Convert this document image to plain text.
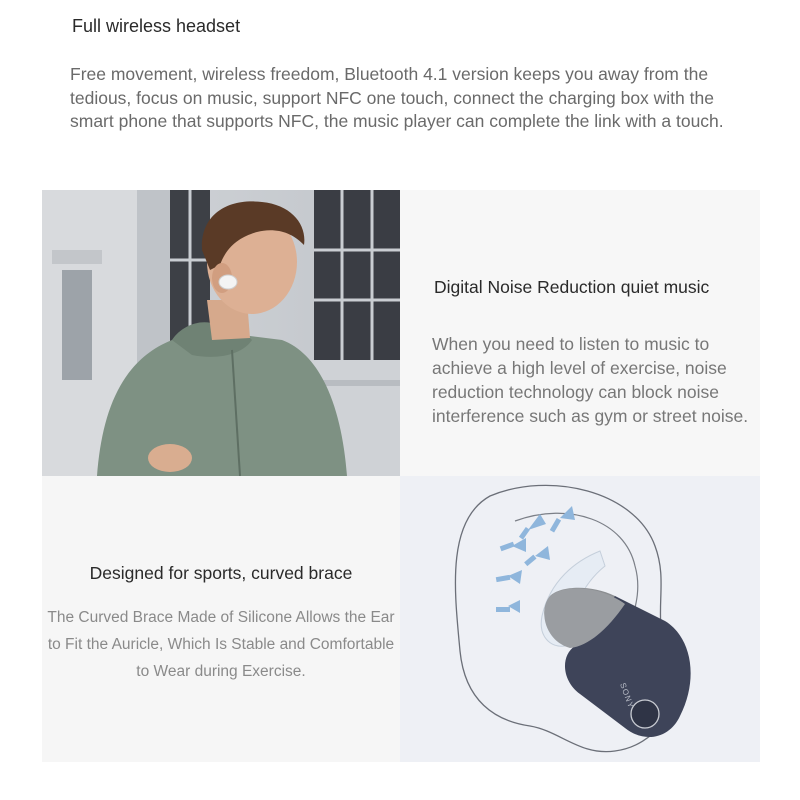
Full wireless headset
Free movement, wireless freedom, Bluetooth 4.1 version keeps you away from the tedious, focus on music, support NFC one touch, connect the charging box with the smart phone that supports NFC, the music player can complete the link with a touch.
Digital Noise Reduction quiet music
When you need to listen to music to achieve a high level of exercise, noise reduction technology can block noise interference such as gym or street noise.
Designed for sports, curved brace
The Curved Brace Made of Silicone Allows the Ear to Fit the Auricle, Which Is Stable and Comfortable to Wear during Exercise.
SONY
